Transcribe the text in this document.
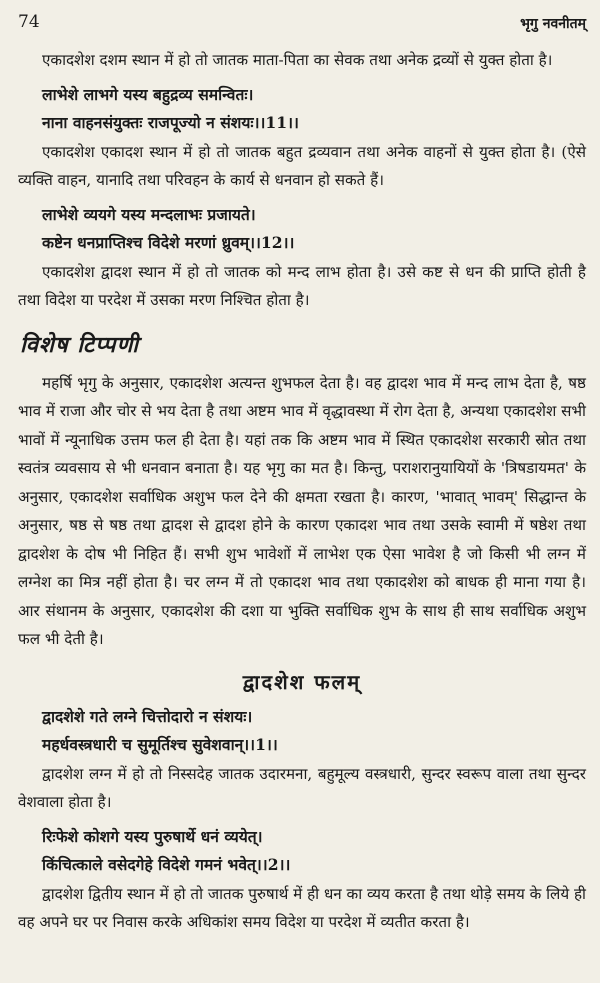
74	भृगु नवनीतम्

एकादशेश दशम स्थान में हो तो जातक माता-पिता का सेवक तथा अनेक द्रव्यों से युक्त होता है।

लाभेशे लाभगे यस्य बहुद्रव्य समन्वितः।

नाना वाहनसंयुक्तः राजपूज्यो न संशयः।।11।।

एकादशेश एकादश स्थान में हो तो जातक बहुत द्रव्यवान तथा अनेक वाहनों से युक्त होता है। (ऐसे व्यक्ति वाहन, यानादि तथा परिवहन के कार्य से धनवान हो सकते हैं।

लाभेशे व्ययगे यस्य मन्दलाभः प्रजायते।

कष्टेन धनप्राप्तिश्च विदेशे मरणां ध्रुवम्।।12।।

एकादशेश द्वादश स्थान में हो तो जातक को मन्द लाभ होता है। उसे कष्ट से धन की प्राप्ति होती है तथा विदेश या परदेश में उसका मरण निश्चित होता है।

विशेष टिप्पणी

महर्षि भृगु के अनुसार, एकादशेश अत्यन्त शुभफल देता है। वह द्वादश भाव में मन्द लाभ देता है, षष्ठ भाव में राजा और चोर से भय देता है तथा अष्टम भाव में वृद्धावस्था में रोग देता है, अन्यथा एकादशेश सभी भावों में न्यूनाधिक उत्तम फल ही देता है। यहां तक कि अष्टम भाव में स्थित एकादशेश सरकारी स्रोत तथा स्वतंत्र व्यवसाय से भी धनवान बनाता है। यह भृगु का मत है। किन्तु, पराशरानुयायियों के 'त्रिषडायमत' के अनुसार, एकादशेश सर्वाधिक अशुभ फल देने की क्षमता रखता है। कारण, 'भावात् भावम्' सिद्धान्त के अनुसार, षष्ठ से षष्ठ तथा द्वादश से द्वादश होने के कारण एकादश भाव तथा उसके स्वामी में षष्ठेश तथा द्वादशेश के दोष भी निहित हैं। सभी शुभ भावेशों में लाभेश एक ऐसा भावेश है जो किसी भी लग्न में लग्नेश का मित्र नहीं होता है। चर लग्न में तो एकादश भाव तथा एकादशेश को बाधक ही माना गया है। आर संथानम के अनुसार, एकादशेश की दशा या भुक्ति सर्वाधिक शुभ के साथ ही साथ सर्वाधिक अशुभ फल भी देती है।

द्वादशेश फलम्

द्वादशेशे गते लग्ने चित्तोदारो न संशयः।

महर्धवस्त्रधारी च सुमूर्तिश्च सुवेशवान्।।1।।

द्वादशेश लग्न में हो तो निस्सदेह जातक उदारमना, बहुमूल्य वस्त्रधारी, सुन्दर स्वरूप वाला तथा सुन्दर वेशवाला होता है।

रिःफेशे कोशगे यस्य पुरुषार्थे धनं व्ययेत्।

किंचित्काले वसेदगेहे विदेशे गमनं भवेत्।।2।।

द्वादशेश द्वितीय स्थान में हो तो जातक पुरुषार्थ में ही धन का व्यय करता है तथा थोड़े समय के लिये ही वह अपने घर पर निवास करके अधिकांश समय विदेश या परदेश में व्यतीत करता है।
